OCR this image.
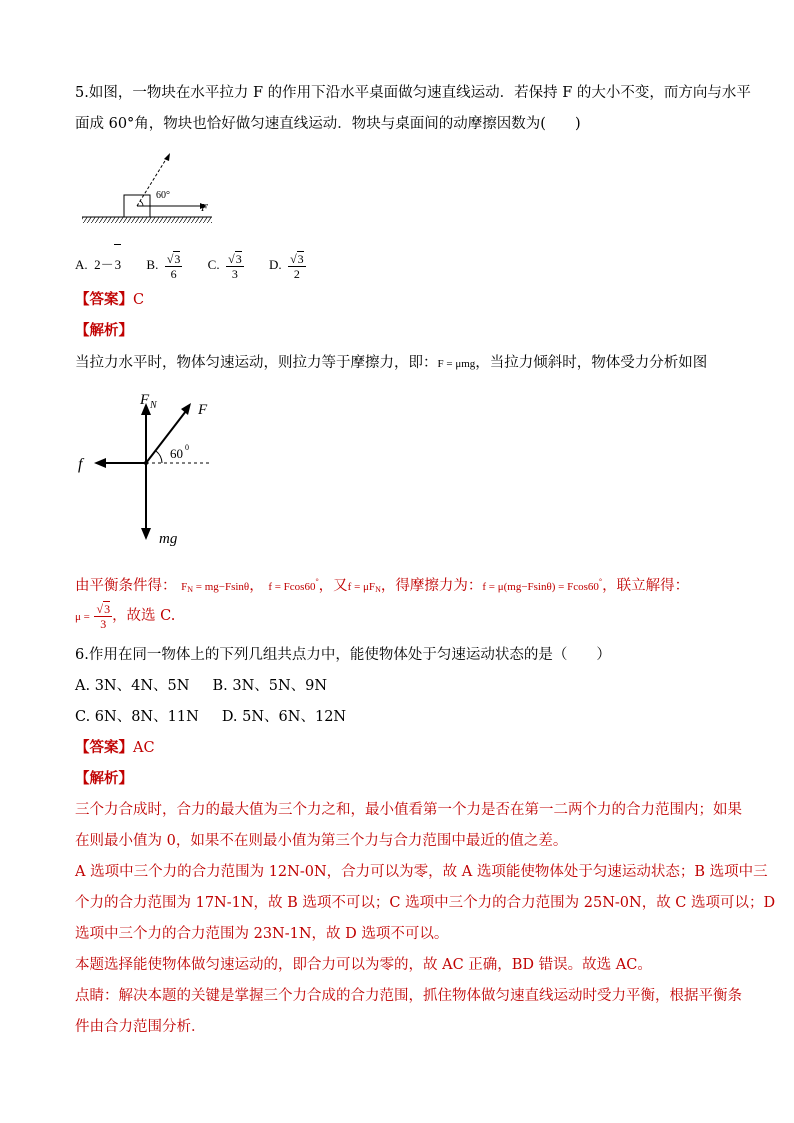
5.如图，一物块在水平拉力 F 的作用下沿水平桌面做匀速直线运动．若保持 F 的大小不变，而方向与水平
面成 60°角，物块也恰好做匀速直线运动．物块与桌面间的动摩擦因数为(　　)
60°
F
A. 2－3 B. $\frac{√3}{6} C$. $\frac{√3}{3} D$. $\frac{√3}{2}$
【答案】C
【解析】
当拉力水平时，物体匀速运动，则拉力等于摩擦力，即：F = μmg，当拉力倾斜时，物体受力分析如图
F N	F
f
mg
60 0
由平衡条件得： FN = mg−Fsinθ， f = Fcos60°，又f = μFN，得摩擦力为：f = μ(mg−Fsinθ) = Fcos60°，联立解得：
$\mu = \frac{√3}{3}$ ，故选 C.
6.作用在同一物体上的下列几组共点力中，能使物体处于匀速运动状态的是（　　）
A. 3N、4N、5N B. 3N、5N、9N
C. 6N、8N、11N D. 5N、6N、12N
【答案】AC
【解析】
三个力合成时，合力的最大值为三个力之和，最小值看第一个力是否在第一二两个力的合力范围内；如果
在则最小值为 0，如果不在则最小值为第三个力与合力范围中最近的值之差。
A 选项中三个力的合力范围为 12N-0N，合力可以为零，故 A 选项能使物体处于匀速运动状态；B 选项中三
个力的合力范围为 17N-1N，故 B 选项不可以；C 选项中三个力的合力范围为 25N-0N，故 C 选项可以；D
选项中三个力的合力范围为 23N-1N，故 D 选项不可以。
本题选择能使物体做匀速运动的，即合力可以为零的，故 AC 正确，BD 错误。故选 AC。
点睛：解决本题的关键是掌握三个力合成的合力范围，抓住物体做匀速直线运动时受力平衡，根据平衡条
件由合力范围分析．
